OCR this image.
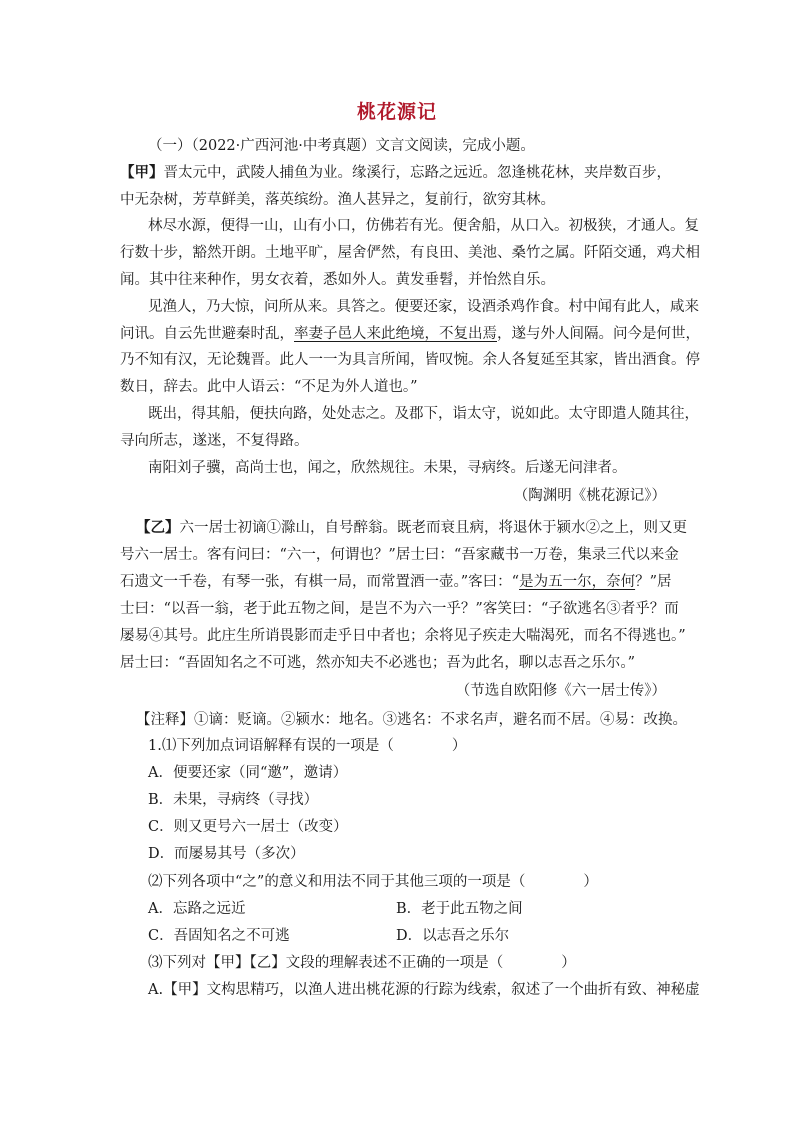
桃花源记
（一）（2022·广西河池·中考真题）文言文阅读，完成小题。
【甲】晋太元中，武陵人捕鱼为业。缘溪行，忘路之远近。忽逢桃花林，夹岸数百步，
中无杂树，芳草鲜美，落英缤纷。渔人甚异之，复前行，欲穷其林。
林尽水源，便得一山，山有小口，仿佛若有光。便舍船，从口入。初极狭，才通人。复
行数十步，豁然开朗。土地平旷，屋舍俨然，有良田、美池、桑竹之属。阡陌交通，鸡犬相
闻。其中往来种作，男女衣着，悉如外人。黄发垂髫，并怡然自乐。
见渔人，乃大惊，问所从来。具答之。便要还家，设酒杀鸡作食。村中闻有此人，咸来
问讯。自云先世避秦时乱，率妻子邑人来此绝境，不复出焉，遂与外人间隔。问今是何世，
乃不知有汉，无论魏晋。此人一一为具言所闻，皆叹惋。余人各复延至其家，皆出酒食。停
数日，辞去。此中人语云：“不足为外人道也。”
既出，得其船，便扶向路，处处志之。及郡下，诣太守，说如此。太守即遣人随其往，
寻向所志，遂迷，不复得路。
南阳刘子骥，高尚士也，闻之，欣然规往。未果，寻病终。后遂无问津者。
（陶渊明《桃花源记》）
【乙】六一居士初谪①滁山，自号醉翁。既老而衰且病，将退休于颍水②之上，则又更
号六一居士。客有问曰：“六一，何谓也？”居士曰：“吾家藏书一万卷，集录三代以来金
石遗文一千卷，有琴一张，有棋一局，而常置酒一壶。”客曰：“是为五一尔，奈何？”居
士曰：“以吾一翁，老于此五物之间，是岂不为六一乎？”客笑曰：“子欲逃名③者乎？而
屡易④其号。此庄生所诮畏影而走乎日中者也；余将见子疾走大喘渴死，而名不得逃也。”
居士曰：“吾固知名之不可逃，然亦知夫不必逃也；吾为此名，聊以志吾之乐尔。”
（节选自欧阳修《六一居士传》）
【注释】①谪：贬谪。②颍水：地名。③逃名：不求名声，避名而不居。④易：改换。
1.⑴下列加点词语解释有误的一项是（　　　　）
A．便要还家（同“邀”，邀请）
B．未果，寻病终（寻找）
C．则又更号六一居士（改变）
D．而屡易其号（多次）
⑵下列各项中“之”的意义和用法不同于其他三项的一项是（　　　　）
A．忘路之远近	B．老于此五物之间
C．吾固知名之不可逃	D．以志吾之乐尔
⑶下列对【甲】【乙】文段的理解表述不正确的一项是（　　　　）
A.【甲】文构思精巧，以渔人进出桃花源的行踪为线索，叙述了一个曲折有致、神秘虚
